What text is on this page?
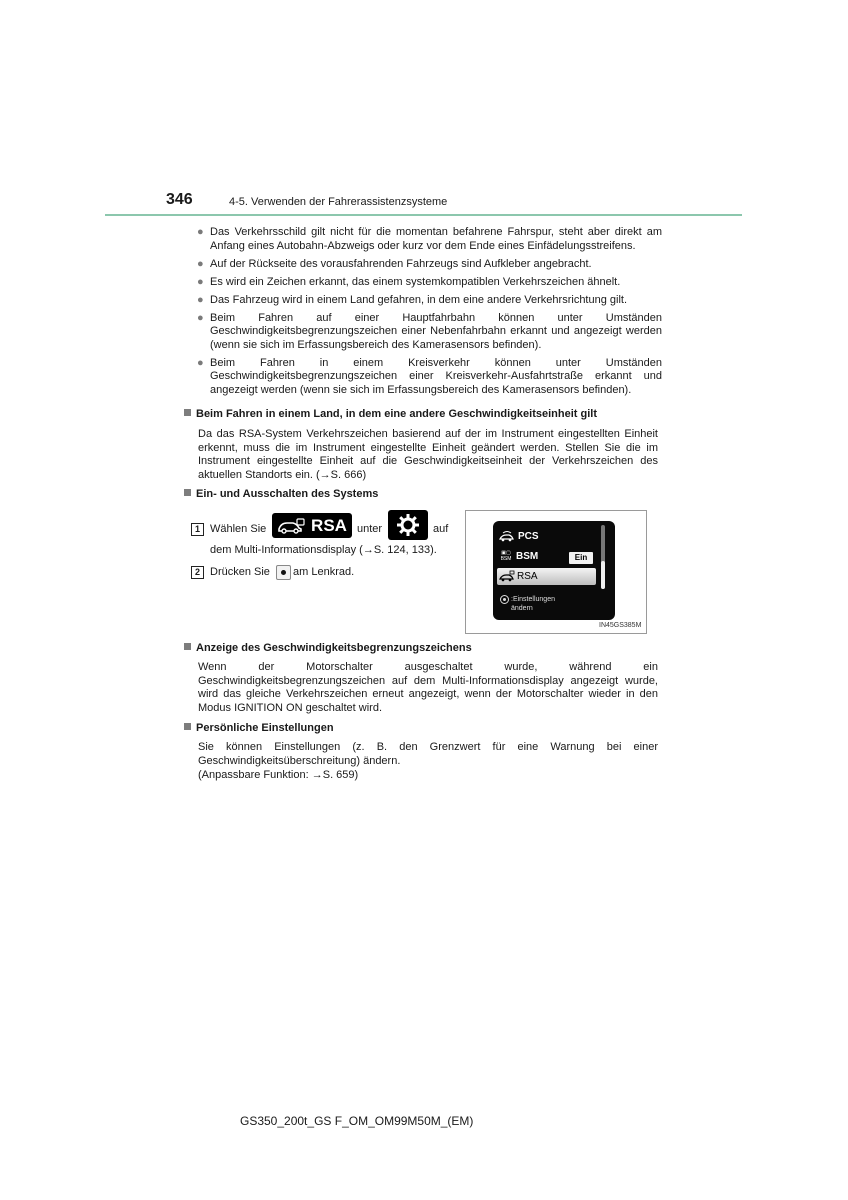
346	4-5. Verwenden der Fahrerassistenzsysteme
● Das Verkehrsschild gilt nicht für die momentan befahrene Fahrspur, steht aber direkt am Anfang eines Autobahn-Abzweigs oder kurz vor dem Ende eines Einfädelungsstreifens.
● Auf der Rückseite des vorausfahrenden Fahrzeugs sind Aufkleber angebracht.
● Es wird ein Zeichen erkannt, das einem systemkompatiblen Verkehrszeichen ähnelt.
● Das Fahrzeug wird in einem Land gefahren, in dem eine andere Verkehrsrichtung gilt.
● Beim Fahren auf einer Hauptfahrbahn können unter Umständen Geschwindigkeitsbegrenzungszeichen einer Nebenfahrbahn erkannt und angezeigt werden (wenn sie sich im Erfassungsbereich des Kamerasensors befinden).
● Beim Fahren in einem Kreisverkehr können unter Umständen Geschwindigkeitsbegrenzungszeichen einer Kreisverkehr-Ausfahrtstraße erkannt und angezeigt werden (wenn sie sich im Erfassungsbereich des Kamerasensors befinden).
Beim Fahren in einem Land, in dem eine andere Geschwindigkeitseinheit gilt
Da das RSA-System Verkehrszeichen basierend auf der im Instrument eingestellten Einheit erkennt, muss die im Instrument eingestellte Einheit geändert werden. Stellen Sie die im Instrument eingestellte Einheit auf die Geschwindigkeitseinheit der Verkehrszeichen des aktuellen Standorts ein. (→S. 666)
Ein- und Ausschalten des Systems
1 Wählen Sie	RSA unter	auf
dem Multi-Informationsdisplay (→S. 124, 133).
2 Drücken Sie am Lenkrad.
PCS
▣▢
BSM BSM	Ein
RSA
:Einstellungen
ändern
IN45GS385M
Anzeige des Geschwindigkeitsbegrenzungszeichens
Wenn der Motorschalter ausgeschaltet wurde, während ein Geschwindigkeitsbegrenzungszeichen auf dem Multi-Informationsdisplay angezeigt wurde, wird das gleiche Verkehrszeichen erneut angezeigt, wenn der Motorschalter wieder in den Modus IGNITION ON geschaltet wird.
Persönliche Einstellungen
Sie können Einstellungen (z. B. den Grenzwert für eine Warnung bei einer Geschwindigkeitsüberschreitung) ändern.
(Anpassbare Funktion: →S. 659)
GS350_200t_GS F_OM_OM99M50M_(EM)
